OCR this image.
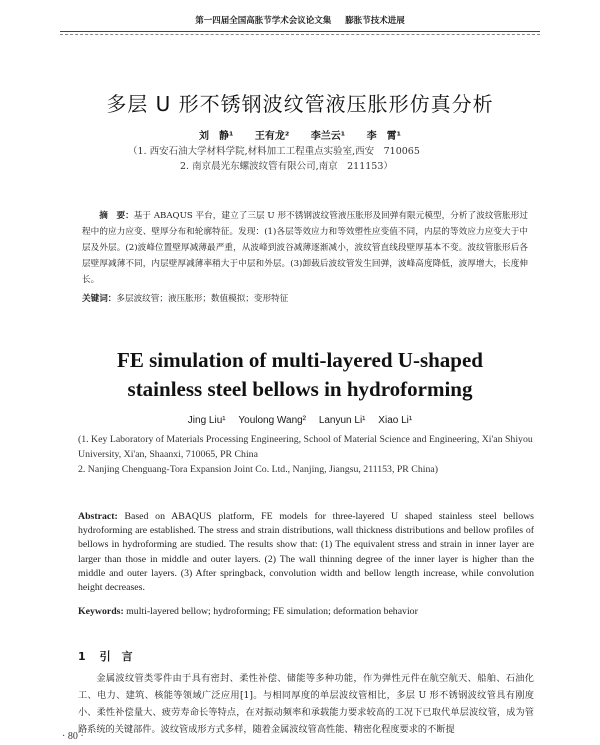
第一四届全国高胀节学术会议论文集 膨胀节技术进展
多层 U 形不锈钢波纹管液压胀形仿真分析
刘　静¹ 王有龙² 李兰云¹ 李　霄¹
（1. 西安石油大学材料学院,材料加工工程重点实验室,西安　710065
2. 南京晨光东螺波纹管有限公司,南京　211153）
摘　要：基于 ABAQUS 平台，建立了三层 U 形不锈钢波纹管液压胀形及回弹有限元模型，分析了波纹管胀形过程中的应力应变、壁厚分布和轮廓特征。发现：(1)各层等效应力和等效塑性应变值不同，内层的等效应力应变大于中层及外层。(2)波峰位置壁厚减薄最严重，从波峰到波谷减薄逐渐减小，波纹管直线段壁厚基本不变。波纹管胀形后各层壁厚减薄不同，内层壁厚减薄率稍大于中层和外层。(3)卸载后波纹管发生回弹，波峰高度降低，波厚增大，长度伸长。
关键词：多层波纹管；液压胀形；数值模拟；变形特征
FE simulation of multi-layered U-shaped
stainless steel bellows in hydroforming
Jing Liu¹ Youlong Wang² Lanyun Li¹ Xiao Li¹
(1. Key Laboratory of Materials Processing Engineering, School of Material Science and Engineering, Xi'an Shiyou University, Xi'an, Shaanxi, 710065, PR China
2. Nanjing Chenguang-Tora Expansion Joint Co. Ltd., Nanjing, Jiangsu, 211153, PR China)
Abstract: Based on ABAQUS platform, FE models for three-layered U shaped stainless steel bellows hydroforming are established. The stress and strain distributions, wall thickness distributions and bellow profiles of bellows in hydroforming are studied. The results show that: (1) The equivalent stress and strain in inner layer are larger than those in middle and outer layers. (2) The wall thinning degree of the inner layer is higher than the middle and outer layers. (3) After springback, convolution width and bellow length increase, while convolution height decreases.
Keywords: multi-layered bellow; hydroforming; FE simulation; deformation behavior
1 引　言
金属波纹管类零件由于具有密封、柔性补偿、储能等多种功能，作为弹性元件在航空航天、船舶、石油化工、电力、建筑、核能等领域广泛应用[1]。与相同厚度的单层波纹管相比，多层 U 形不锈钢波纹管具有刚度小、柔性补偿量大、疲劳寿命长等特点，在对振动频率和承载能力要求较高的工况下已取代单层波纹管，成为管路系统的关键部件。波纹管成形方式多样，随着金属波纹管高性能、精密化程度要求的不断提
· 80 ·
